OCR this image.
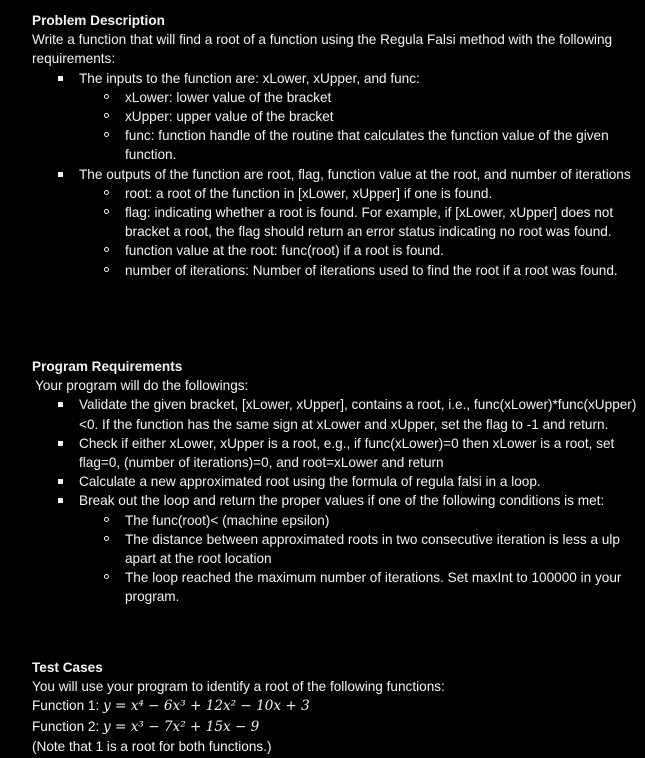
Problem Description
Write a function that will find a root of a function using the Regula Falsi method with the following requirements:
The inputs to the function are: xLower, xUpper, and func:
xLower: lower value of the bracket
xUpper: upper value of the bracket
func: function handle of the routine that calculates the function value of the given function.
The outputs of the function are root, flag, function value at the root, and number of iterations
root: a root of the function in [xLower, xUpper] if one is found.
flag: indicating whether a root is found. For example, if [xLower, xUpper] does not bracket a root, the flag should return an error status indicating no root was found.
function value at the root: func(root) if a root is found.
number of iterations: Number of iterations used to find the root if a root was found.
Program Requirements
Your program will do the followings:
Validate the given bracket, [xLower, xUpper], contains a root, i.e., func(xLower)*func(xUpper) <0. If the function has the same sign at xLower and xUpper, set the flag to -1 and return.
Check if either xLower, xUpper is a root, e.g., if func(xLower)=0 then xLower is a root, set flag=0, (number of iterations)=0, and root=xLower and return
Calculate a new approximated root using the formula of regula falsi in a loop.
Break out the loop and return the proper values if one of the following conditions is met:
The func(root)< (machine epsilon)
The distance between approximated roots in two consecutive iteration is less a ulp apart at the root location
The loop reached the maximum number of iterations. Set maxInt to 100000 in your program.
Test Cases
You will use your program to identify a root of the following functions:
Function 1: y = x⁴ − 6x³ + 12x² − 10x + 3
Function 2: y = x³ − 7x² + 15x − 9
(Note that 1 is a root for both functions.)
